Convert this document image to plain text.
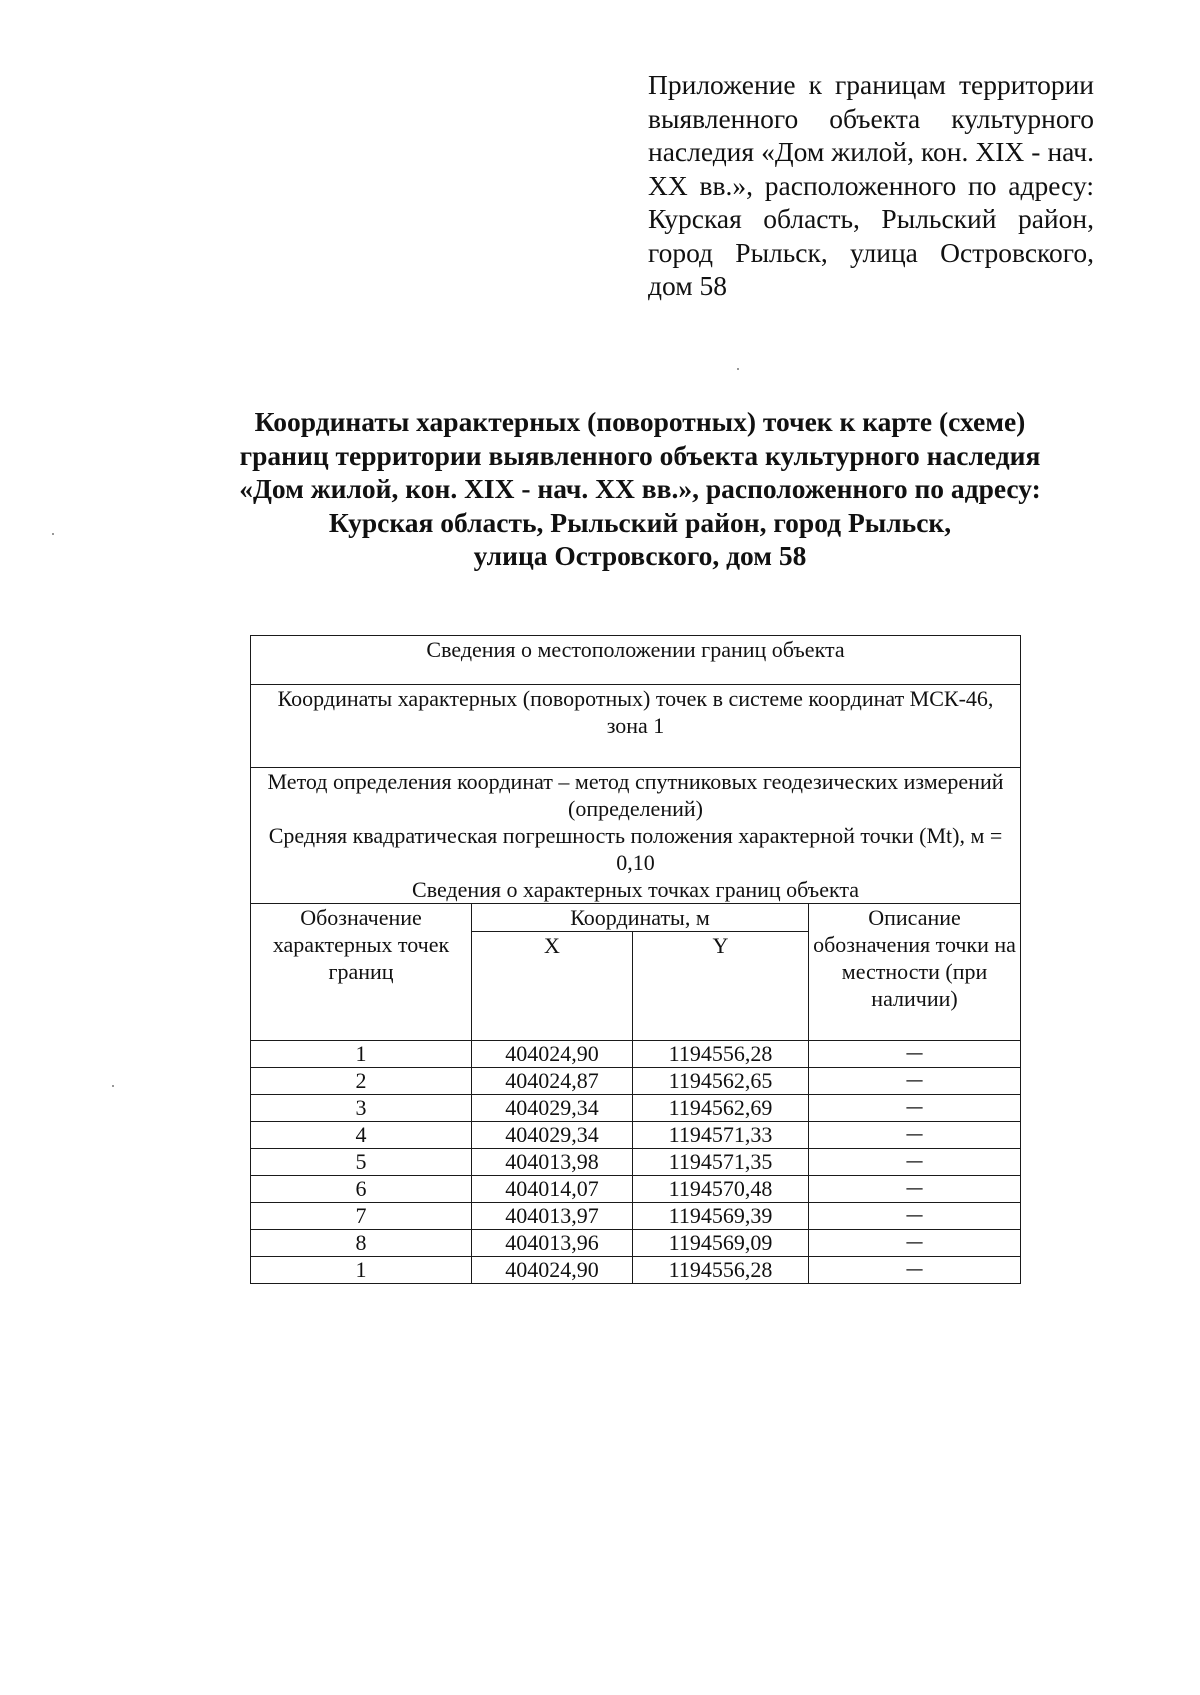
Приложение к границам территории выявленного объекта культурного наследия «Дом жилой, кон. XIX - нач. XX вв.», расположенного по адресу: Курская область, Рыльский район, город Рыльск, улица Островского, дом 58
Координаты характерных (поворотных) точек к карте (схеме)
границ территории выявленного объекта культурного наследия
«Дом жилой, кон. XIX - нач. XX вв.», расположенного по адресу:
Курская область, Рыльский район, город Рыльск,
улица Островского, дом 58
Сведения о местоположении границ объекта			
Координаты характерных (поворотных) точек в системе координат МСК-46, зона 1			

Метод определения координат – метод спутниковых геодезических измерений (определений)
Средняя квадратическая погрешность положения характерной точки (Mt), м = 0,10
Сведения о характерных точках границ объекта			

Обозначение характерных точек границ	Координаты, м		Описание обозначения точки на местности (при наличии)
	X	Y	
1	404024,90	1194556,28	—
2	404024,87	1194562,65	—
3	404029,34	1194562,69	—
4	404029,34	1194571,33	—
5	404013,98	1194571,35	—
6	404014,07	1194570,48	—
7	404013,97	1194569,39	—
8	404013,96	1194569,09	—
1	404024,90	1194556,28	—
